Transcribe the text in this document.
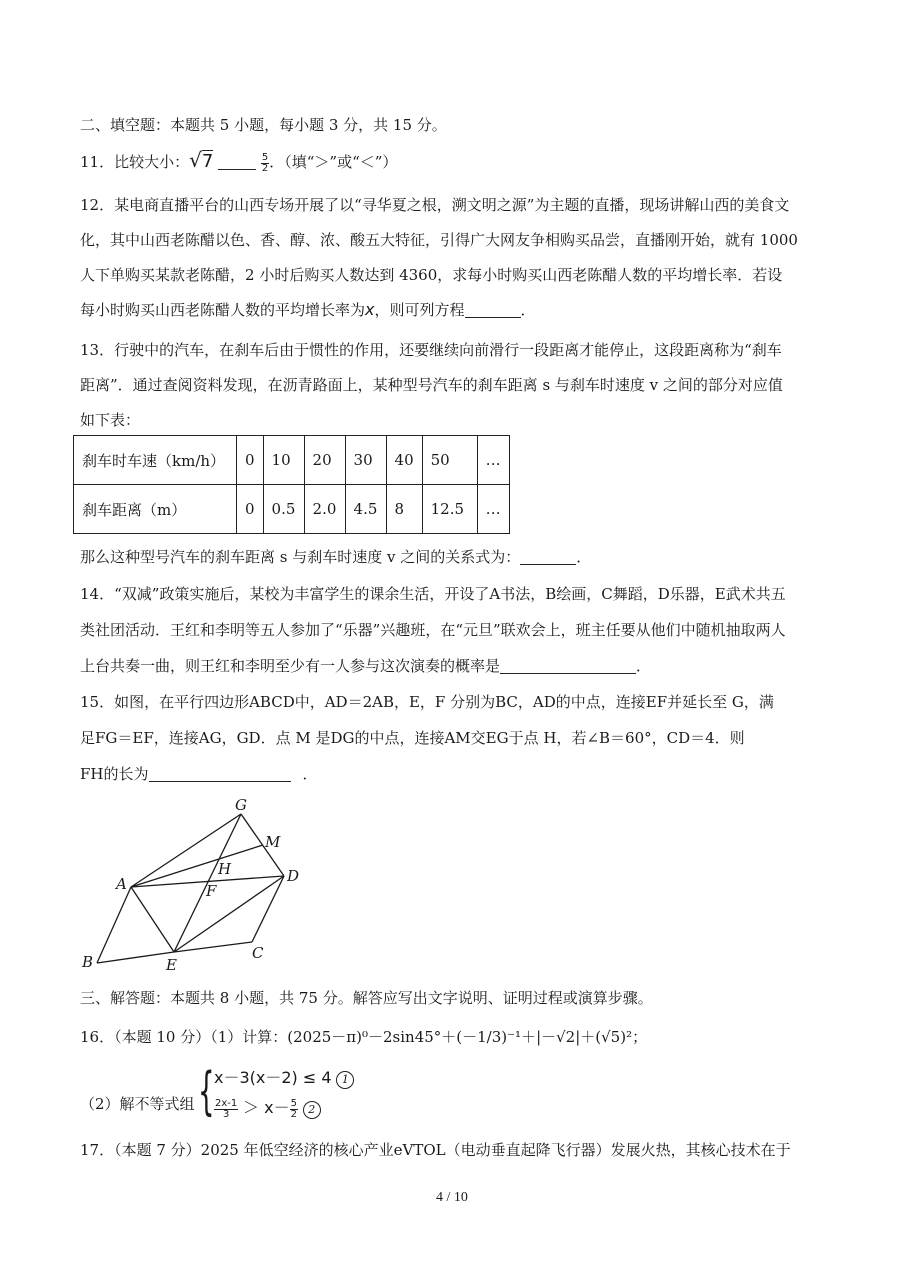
二、填空题：本题共 5 小题，每小题 3 分，共 15 分。
11．比较大小：√7	$\frac{5}{2}$ ．（填“＞”或“＜”）
12．某电商直播平台的山西专场开展了以“寻华夏之根，溯文明之源”为主题的直播，现场讲解山西的美食文
化，其中山西老陈醋以色、香、醇、浓、酸五大特征，引得广大网友争相购买品尝，直播刚开始，就有 1000
人下单购买某款老陈醋，2 小时后购买人数达到 4360，求每小时购买山西老陈醋人数的平均增长率．若设
每小时购买山西老陈醋人数的平均增长率为x，则可列方程	．
13．行驶中的汽车，在刹车后由于惯性的作用，还要继续向前滑行一段距离才能停止，这段距离称为“刹车
距离”．通过查阅资料发现，在沥青路面上，某种型号汽车的刹车距离 s 与刹车时速度 v 之间的部分对应值
如下表：
刹车时车速（km/h）	0	10	20	30	40	50	…
刹车距离（m）	0	0.5	2.0	4.5	8	12.5	…
那么这种型号汽车的刹车距离 s 与刹车时速度 v 之间的关系式为：	．
14．“双减”政策实施后，某校为丰富学生的课余生活，开设了A书法，B绘画，C舞蹈，D乐器，E武术共五
类社团活动．王红和李明等五人参加了“乐器”兴趣班，在“元旦”联欢会上，班主任要从他们中随机抽取两人
上台共奏一曲，则王红和李明至少有一人参与这次演奏的概率是	．
15．如图，在平行四边形ABCD中，AD＝2AB，E，F 分别为BC，AD的中点，连接EF并延长至 G，满
足FG＝EF，连接AG，GD．点 M 是DG的中点，连接AM交EG于点 H，若∠B＝60°，CD＝4．则
FH的长为	．
G
M
H
A	D
F
B	E
C
三、解答题：本题共 8 小题，共 75 分。解答应写出文字说明、证明过程或演算步骤。
16．（本题 10 分）（1）计算：(2025－π)⁰－2sin45°＋(－1/3)⁻¹＋|－√2|＋(√5)²；
（2）解不等式组 { x－3(x－2) ≤ 4 1
$\frac{2x-1}{3} > x- \frac{5}{2} 2$
17．（本题 7 分）2025 年低空经济的核心产业eVTOL（电动垂直起降飞行器）发展火热，其核心技术在于
4 / 10
